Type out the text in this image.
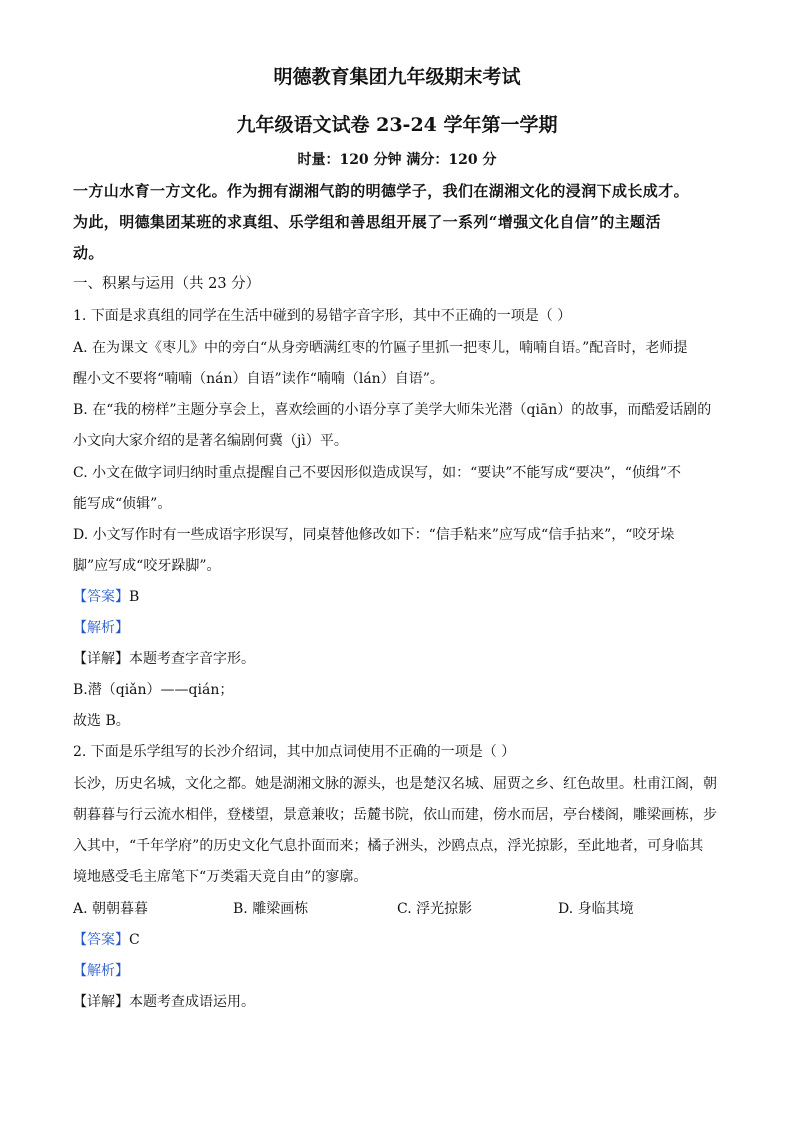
明德教育集团九年级期末考试
九年级语文试卷 23-24 学年第一学期
时量：120 分钟 满分：120 分
一方山水育一方文化。作为拥有湖湘气韵的明德学子，我们在湖湘文化的浸润下成长成才。
为此，明德集团某班的求真组、乐学组和善思组开展了一系列“增强文化自信”的主题活
动。
一、积累与运用（共 23 分）
1. 下面是求真组的同学在生活中碰到的易错字音字形，其中不正确的一项是（ ）
A. 在为课文《枣儿》中的旁白“从身旁晒满红枣的竹匾子里抓一把枣儿，喃喃自语。”配音时，老师提
醒小文不要将“喃喃（nán）自语”读作“喃喃（lán）自语”。
B. 在“我的榜样”主题分享会上，喜欢绘画的小语分享了美学大师朱光潜（qiān）的故事，而酷爱话剧的
小文向大家介绍的是著名编剧何冀（jì）平。
C. 小文在做字词归纳时重点提醒自己不要因形似造成误写，如：“要诀”不能写成“要决”，“侦缉”不
能写成“侦辑”。
D. 小文写作时有一些成语字形误写，同桌替他修改如下：“信手粘来”应写成“信手拈来”，“咬牙垛
脚”应写成“咬牙跺脚”。
【答案】B
【解析】
【详解】本题考查字音字形。
B.潜（qiǎn）——qián；
故选 B。
2. 下面是乐学组写的长沙介绍词，其中加点词使用不正确的一项是（ ）
长沙，历史名城，文化之都。她是湖湘文脉的源头，也是楚汉名城、屈贾之乡、红色故里。杜甫江阁，朝
朝暮暮与行云流水相伴，登楼望，景意兼收；岳麓书院，依山而建，傍水而居，亭台楼阁，雕梁画栋，步
入其中，“千年学府”的历史文化气息扑面而来；橘子洲头，沙鸥点点，浮光掠影，至此地者，可身临其
境地感受毛主席笔下“万类霜天竞自由”的寥廓。
A. 朝朝暮暮	B. 雕梁画栋	C. 浮光掠影	D. 身临其境
【答案】C
【解析】
【详解】本题考查成语运用。
